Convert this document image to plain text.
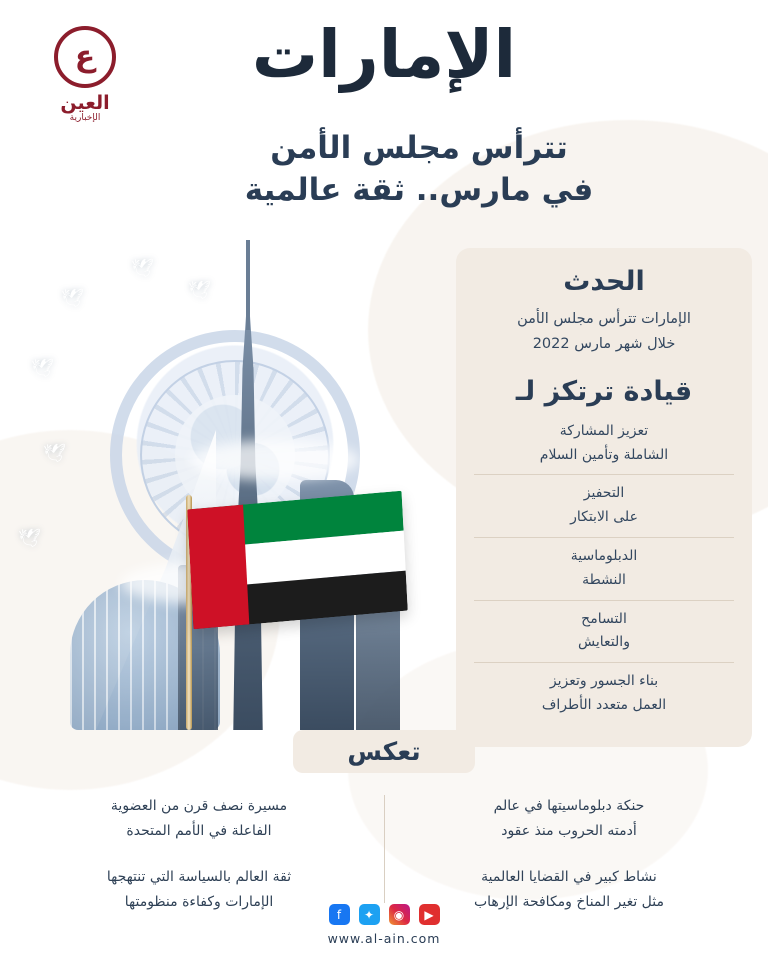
ع
العين
الإخبارية
الإمارات
تترأس مجلس الأمن
في مارس.. ثقة عالمية
🕊
🕊
🕊
🕊
🕊
🕊
الحدث
الإمارات تترأس مجلس الأمن
خلال شهر مارس 2022
قيادة ترتكز لـ
تعزيز المشاركة
الشاملة وتأمين السلام
التحفيز
على الابتكار
الدبلوماسية
النشطة
التسامح
والتعايش
بناء الجسور وتعزيز
العمل متعدد الأطراف
تعكس
حنكة دبلوماسيتها في عالم
أدمته الحروب منذ عقود
مسيرة نصف قرن من العضوية
الفاعلة في الأمم المتحدة
نشاط كبير في القضايا العالمية
مثل تغير المناخ ومكافحة الإرهاب
ثقة العالم بالسياسة التي تنتهجها
الإمارات وكفاءة منظومتها
▶
◉
✦
f
www.al-ain.com
